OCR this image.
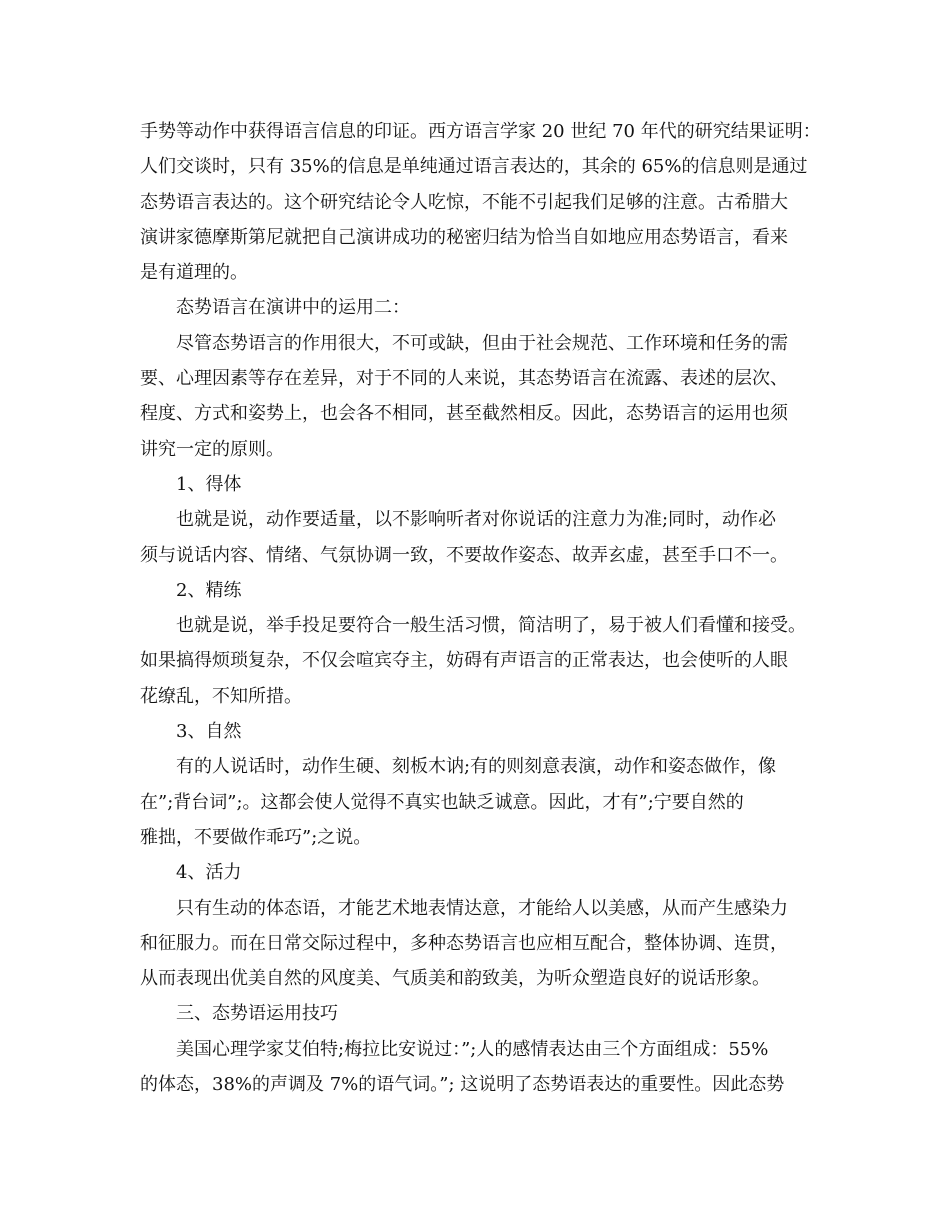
手势等动作中获得语言信息的印证。西方语言学家 20 世纪 70 年代的研究结果证明：
人们交谈时，只有 35%的信息是单纯通过语言表达的，其余的 65%的信息则是通过
态势语言表达的。这个研究结论令人吃惊，不能不引起我们足够的注意。古希腊大
演讲家德摩斯第尼就把自己演讲成功的秘密归结为恰当自如地应用态势语言，看来
是有道理的。
态势语言在演讲中的运用二：
尽管态势语言的作用很大，不可或缺，但由于社会规范、工作环境和任务的需
要、心理因素等存在差异，对于不同的人来说，其态势语言在流露、表述的层次、
程度、方式和姿势上，也会各不相同，甚至截然相反。因此，态势语言的运用也须
讲究一定的原则。
1、得体
也就是说，动作要适量，以不影响听者对你说话的注意力为准;同时，动作必
须与说话内容、情绪、气氛协调一致，不要故作姿态、故弄玄虚，甚至手口不一。
2、精练
也就是说，举手投足要符合一般生活习惯，简洁明了，易于被人们看懂和接受。
如果搞得烦琐复杂，不仅会喧宾夺主，妨碍有声语言的正常表达，也会使听的人眼
花缭乱，不知所措。
3、自然
有的人说话时，动作生硬、刻板木讷;有的则刻意表演，动作和姿态做作，像
在”;背台词”;。这都会使人觉得不真实也缺乏诚意。因此，才有”;宁要自然的
雅拙，不要做作乖巧”;之说。
4、活力
只有生动的体态语，才能艺术地表情达意，才能给人以美感，从而产生感染力
和征服力。而在日常交际过程中，多种态势语言也应相互配合，整体协调、连贯，
从而表现出优美自然的风度美、气质美和韵致美，为听众塑造良好的说话形象。
三、态势语运用技巧
美国心理学家艾伯特;梅拉比安说过：”;人的感情表达由三个方面组成：55%
的体态，38%的声调及 7%的语气词。”; 这说明了态势语表达的重要性。因此态势
